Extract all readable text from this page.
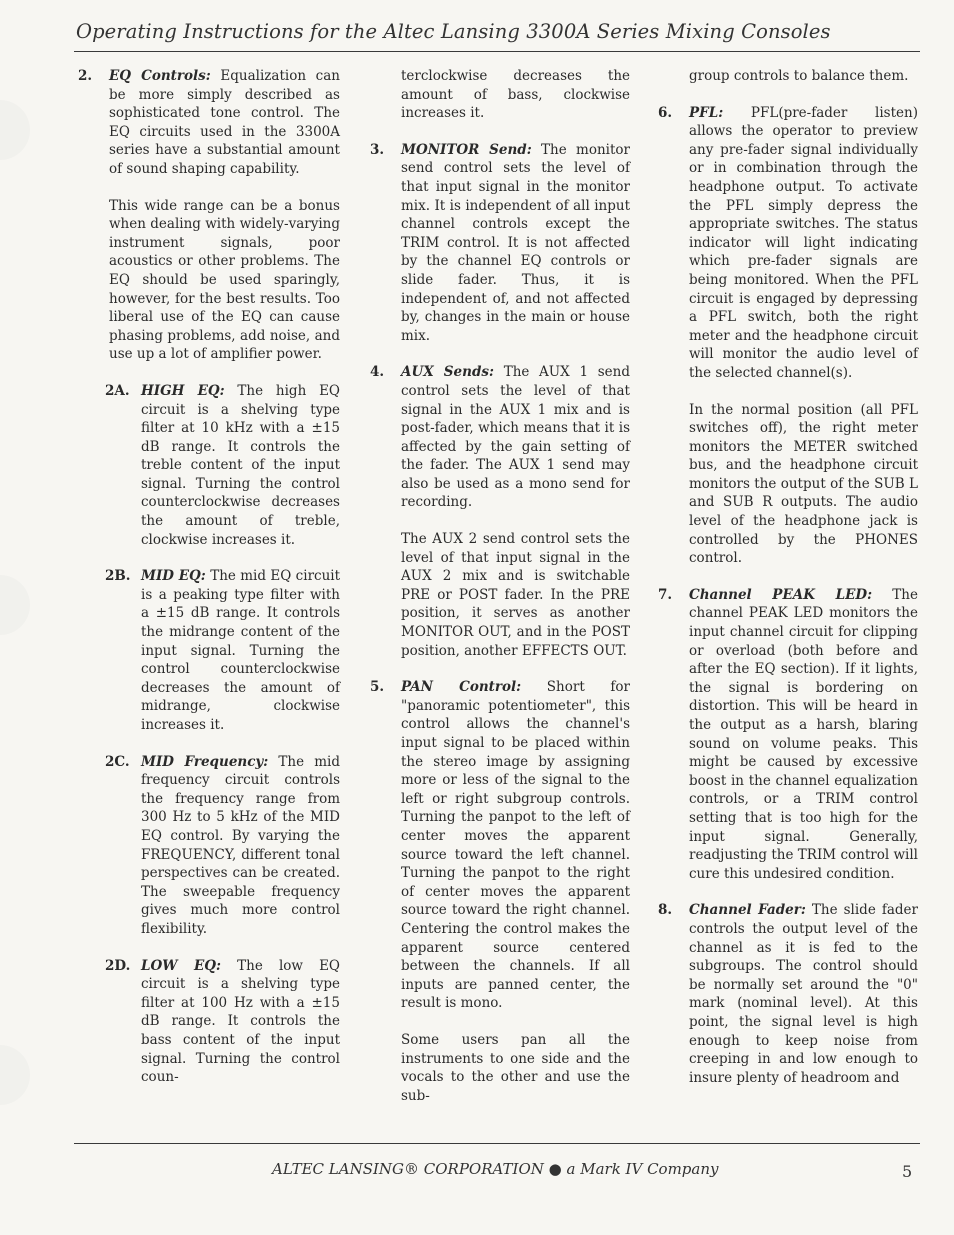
Operating Instructions for the Altec Lansing 3300A Series Mixing Consoles
2. EQ Controls: Equalization can be more simply described as sophisticated tone control. The EQ circuits used in the 3300A series have a substantial amount of sound shaping capability.

This wide range can be a bonus when dealing with widely-varying instrument signals, poor acoustics or other problems. The EQ should be used sparingly, however, for the best results. Too liberal use of the EQ can cause phasing problems, add noise, and use up a lot of amplifier power.

2A. HIGH EQ: The high EQ circuit is a shelving type filter at 10 kHz with a ±15 dB range. It controls the treble content of the input signal. Turning the control counterclockwise decreases the amount of treble, clockwise increases it.

2B. MID EQ: The mid EQ circuit is a peaking type filter with a ±15 dB range. It controls the midrange content of the input signal. Turning the control counterclockwise decreases the amount of midrange, clockwise increases it.

2C. MID Frequency: The mid frequency circuit controls the frequency range from 300 Hz to 5 kHz of the MID EQ control. By varying the FREQUENCY, different tonal perspectives can be created. The sweepable frequency gives much more control flexibility.

2D. LOW EQ: The low EQ circuit is a shelving type filter at 100 Hz with a ±15 dB range. It controls the bass content of the input signal. Turning the control coun-

terclockwise decreases the amount of bass, clockwise increases it.

3. MONITOR Send: The monitor send control sets the level of that input signal in the monitor mix. It is independent of all input channel controls except the TRIM control. It is not affected by the channel EQ controls or slide fader. Thus, it is independent of, and not affected by, changes in the main or house mix.

4. AUX Sends: The AUX 1 send control sets the level of that signal in the AUX 1 mix and is post-fader, which means that it is affected by the gain setting of the fader. The AUX 1 send may also be used as a mono send for recording.

The AUX 2 send control sets the level of that input signal in the AUX 2 mix and is switchable PRE or POST fader. In the PRE position, it serves as another MONITOR OUT, and in the POST position, another EFFECTS OUT.

5. PAN Control: Short for "panoramic potentiometer", this control allows the channel's input signal to be placed within the stereo image by assigning more or less of the signal to the left or right subgroup controls. Turning the panpot to the left of center moves the apparent source toward the left channel. Turning the panpot to the right of center moves the apparent source toward the right channel. Centering the control makes the apparent source centered between the channels. If all inputs are panned center, the result is mono.

Some users pan all the instruments to one side and the vocals to the other and use the sub-

group controls to balance them.

6. PFL: PFL(pre-fader listen) allows the operator to preview any pre-fader signal individually or in combination through the headphone output. To activate the PFL simply depress the appropriate switches. The status indicator will light indicating which pre-fader signals are being monitored. When the PFL circuit is engaged by depressing a PFL switch, both the right meter and the headphone circuit will monitor the audio level of the selected channel(s).

In the normal position (all PFL switches off), the right meter monitors the METER switched bus, and the headphone circuit monitors the output of the SUB L and SUB R outputs. The audio level of the headphone jack is controlled by the PHONES control.

7. Channel PEAK LED: The channel PEAK LED monitors the input channel circuit for clipping or overload (both before and after the EQ section). If it lights, the signal is bordering on distortion. This will be heard in the output as a harsh, blaring sound on volume peaks. This might be caused by excessive boost in the channel equalization controls, or a TRIM control setting that is too high for the input signal. Generally, readjusting the TRIM control will cure this undesired condition.

8. Channel Fader: The slide fader controls the output level of the channel as it is fed to the subgroups. The control should be normally set around the "0" mark (nominal level). At this point, the signal level is high enough to keep noise from creeping in and low enough to insure plenty of headroom and

ALTEC LANSING® CORPORATION ● a Mark IV Company	5
